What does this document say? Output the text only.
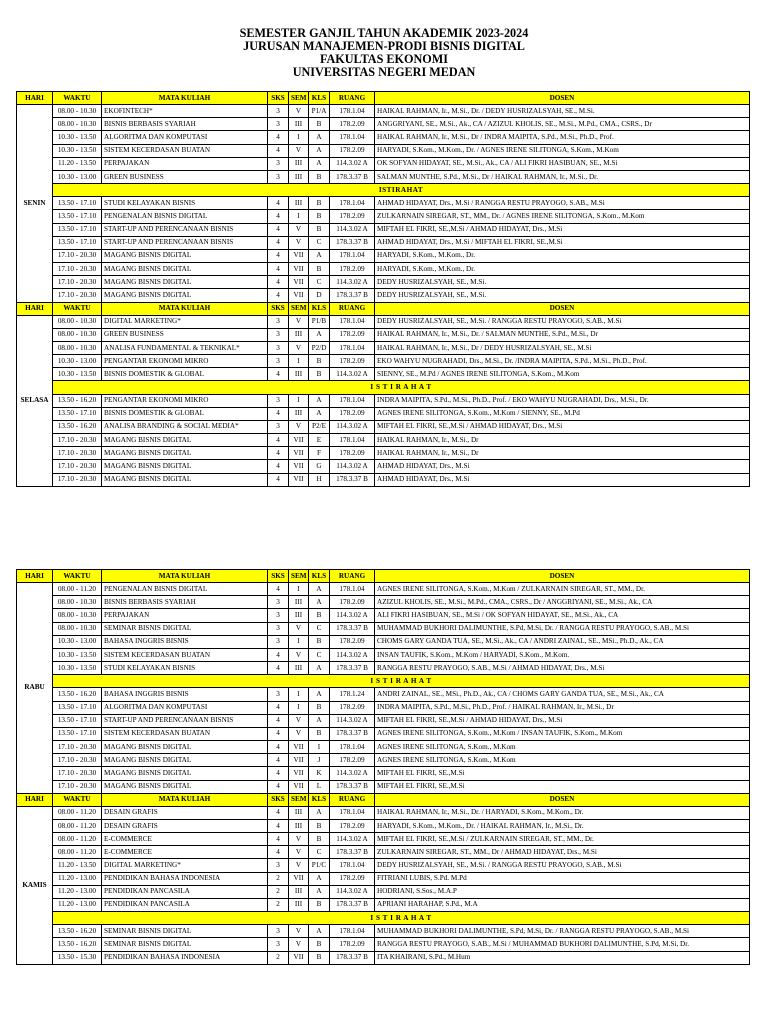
SEMESTER GANJIL TAHUN AKADEMIK 2023-2024
JURUSAN MANAJEMEN-PRODI BISNIS DIGITAL
FAKULTAS EKONOMI
UNIVERSITAS NEGERI MEDAN
HARI	WAKTU	MATA KULIAH	SKS	SEM	KLS	RUANG	DOSEN
SENIN	08.00 - 10.30	EKOFINTECH*	3	V	P1/A	178.1.04	HAIKAL RAHMAN, Ir., M.Si., Dr. / DEDY HUSRIZALSYAH, SE., M.Si.
	08.00 - 10.30	BISNIS BERBASIS SYARIAH	3	III	B	178.2.09	ANGGRIYANI, SE., M.Si., Ak., CA / AZIZUL KHOLIS, SE., M.Si., M.Pd., CMA., CSRS., Dr
	10.30 - 13.50	ALGORITMA DAN KOMPUTASI	4	I	A	178.1.04	HAIKAL RAHMAN, Ir., M.Si., Dr / INDRA MAIPITA, S.Pd., M.Si., Ph.D., Prof.
	10.30 - 13.50	SISTEM KECERDASAN BUATAN	4	V	A	178.2.09	HARYADI, S.Kom., M.Kom., Dr. / AGNES IRENE SILITONGA, S.Kom., M.Kom
	11.20 - 13.50	PERPAJAKAN	3	III	A	114.3.02 A	OK SOFYAN HIDAYAT, SE., M.Si., Ak., CA / ALI FIKRI HASIBUAN, SE., M.Si
	10.30 - 13.00	GREEN BUSINESS	3	III	B	178.3.37 B	SALMAN MUNTHE, S.Pd., M.Si., Dr / HAIKAL RAHMAN, Ir., M.Si., Dr.
	ISTIRAHAT						
	13.50 - 17.10	STUDI KELAYAKAN BISNIS	4	III	B	178.1.04	AHMAD HIDAYAT, Drs., M.Si / RANGGA RESTU PRAYOGO, S.AB., M.Si
	13.50 - 17.10	PENGENALAN BISNIS DIGITAL	4	I	B	178.2.09	ZULKARNAIN SIREGAR, ST., MM., Dr. / AGNES IRENE SILITONGA, S.Kom., M.Kom
	13.50 - 17.10	START-UP AND PERENCANAAN BISNIS	4	V	B	114.3.02 A	MIFTAH EL FIKRI, SE.,M.Si / AHMAD HIDAYAT, Drs., M.Si
	13.50 - 17.10	START-UP AND PERENCANAAN BISNIS	4	V	C	178.3.37 B	AHMAD HIDAYAT, Drs., M.Si / MIFTAH EL FIKRI, SE.,M.Si
	17.10 - 20.30	MAGANG BISNIS DIGITAL	4	VII	A	178.1.04	HARYADI, S.Kom., M.Kom., Dr.
	17.10 - 20.30	MAGANG BISNIS DIGITAL	4	VII	B	178.2.09	HARYADI, S.Kom., M.Kom., Dr.
	17.10 - 20.30	MAGANG BISNIS DIGITAL	4	VII	C	114.3.02 A	DEDY HUSRIZALSYAH, SE., M.Si.
	17.10 - 20.30	MAGANG BISNIS DIGITAL	4	VII	D	178.3.37 B	DEDY HUSRIZALSYAH, SE., M.Si.
HARI	WAKTU	MATA KULIAH	SKS	SEM	KLS	RUANG	DOSEN
SELASA	08.00 - 10.30	DIGITAL MARKETING*	3	V	P1/B	178.1.04	DEDY HUSRIZALSYAH, SE., M.Si. / RANGGA RESTU PRAYOGO, S.AB., M.Si
	08.00 - 10.30	GREEN BUSINESS	3	III	A	178.2.09	HAIKAL RAHMAN, Ir., M.Si., Dr. / SALMAN MUNTHE, S.Pd., M.Si., Dr
	08.00 - 10.30	ANALISA FUNDAMENTAL & TEKNIKAL*	3	V	P2/D	178.1.04	HAIKAL RAHMAN, Ir., M.Si., Dr / DEDY HUSRIZALSYAH, SE., M.Si
	10.30 - 13.00	PENGANTAR EKONOMI MIKRO	3	I	B	178.2.09	EKO WAHYU NUGRAHADI, Drs., M.Si., Dr. /INDRA MAIPITA, S.Pd., M.Si., Ph.D., Prof.
	10.30 - 13.50	BISNIS DOMESTIK & GLOBAL	4	III	B	114.3.02 A	SIENNY, SE., M.Pd / AGNES IRENE SILITONGA, S.Kom., M.Kom
	I S T I R A H A T						
	13.50 - 16.20	PENGANTAR EKONOMI MIKRO	3	I	A	178.1.04	INDRA MAIPITA, S.Pd., M.Si., Ph.D., Prof. / EKO WAHYU NUGRAHADI, Drs., M.Si., Dr.
	13.50 - 17.10	BISNIS DOMESTIK & GLOBAL	4	III	A	178.2.09	AGNES IRENE SILITONGA, S.Kom., M.Kom / SIENNY, SE., M.Pd
	13.50 - 16.20	ANALISA BRANDING & SOCIAL MEDIA*	3	V	P2/E	114.3.02 A	MIFTAH EL FIKRI, SE.,M.Si / AHMAD HIDAYAT, Drs., M.Si
	17.10 - 20.30	MAGANG BISNIS DIGITAL	4	VII	E	178.1.04	HAIKAL RAHMAN, Ir., M.Si., Dr
	17.10 - 20.30	MAGANG BISNIS DIGITAL	4	VII	F	178.2.09	HAIKAL RAHMAN, Ir., M.Si., Dr
	17.10 - 20.30	MAGANG BISNIS DIGITAL	4	VII	G	114.3.02 A	AHMAD HIDAYAT, Drs., M.Si
	17.10 - 20.30	MAGANG BISNIS DIGITAL	4	VII	H	178.3.37 B	AHMAD HIDAYAT, Drs., M.Si
HARI	WAKTU	MATA KULIAH	SKS	SEM	KLS	RUANG	DOSEN
RABU	08.00 - 11.20	PENGENALAN BISNIS DIGITAL	4	I	A	178.1.04	AGNES IRENE SILITONGA, S.Kom., M.Kom / ZULKARNAIN SIREGAR, ST., MM., Dr.
	08.00 - 10.30	BISNIS BERBASIS SYARIAH	3	III	A	178.2.09	AZIZUL KHOLIS, SE., M.Si., M.Pd., CMA., CSRS., Dr / ANGGRIYANI, SE., M.Si., Ak., CA
	08.00 - 10.30	PERPAJAKAN	3	III	B	114.3.02 A	ALI FIKRI HASIBUAN, SE., M.Si / OK SOFYAN HIDAYAT, SE., M.Si., Ak., CA
	08.00 - 10.30	SEMINAR BISNIS DIGITAL	3	V	C	178.3.37 B	MUHAMMAD BUKHORI DALIMUNTHE, S.Pd, M.Si, Dr. / RANGGA RESTU PRAYOGO, S.AB., M.Si
	10.30 - 13.00	BAHASA INGGRIS BISNIS	3	I	B	178.2.09	CHOMS GARY GANDA TUA, SE., M.Si., Ak., CA / ANDRI ZAINAL, SE., MSi., Ph.D., Ak., CA
	10.30 - 13.50	SISTEM KECERDASAN BUATAN	4	V	C	114.3.02 A	INSAN TAUFIK, S.Kom., M.Kom / HARYADI, S.Kom., M.Kom.
	10.30 - 13.50	STUDI KELAYAKAN BISNIS	4	III	A	178.3.37 B	RANGGA RESTU PRAYOGO, S.AB., M.Si / AHMAD HIDAYAT, Drs., M.Si
	I S T I R A H A T						
	13.50 - 16.20	BAHASA INGGRIS BISNIS	3	I	A	178.1.24	ANDRI ZAINAL, SE., MSi., Ph.D., Ak., CA / CHOMS GARY GANDA TUA, SE., M.Si., Ak., CA
	13.50 - 17.10	ALGORITMA DAN KOMPUTASI	4	I	B	178.2.09	INDRA MAIPITA, S.Pd., M.Si., Ph.D., Prof. / HAIKAL RAHMAN, Ir., M.Si., Dr
	13.50 - 17.10	START-UP AND PERENCANAAN BISNIS	4	V	A	114.3.02 A	MIFTAH EL FIKRI, SE.,M.Si / AHMAD HIDAYAT, Drs., M.Si
	13.50 - 17.10	SISTEM KECERDASAN BUATAN	4	V	B	178.3.37 B	AGNES IRENE SILITONGA, S.Kom., M.Kom / INSAN TAUFIK, S.Kom., M.Kom
	17.10 - 20.30	MAGANG BISNIS DIGITAL	4	VII	I	178.1.04	AGNES IRENE SILITONGA, S.Kom., M.Kom
	17.10 - 20.30	MAGANG BISNIS DIGITAL	4	VII	J	178.2.09	AGNES IRENE SILITONGA, S.Kom., M.Kom
	17.10 - 20.30	MAGANG BISNIS DIGITAL	4	VII	K	114.3.02 A	MIFTAH EL FIKRI, SE.,M.Si
	17.10 - 20.30	MAGANG BISNIS DIGITAL	4	VII	L	178.3.37 B	MIFTAH EL FIKRI, SE.,M.Si
HARI	WAKTU	MATA KULIAH	SKS	SEM	KLS	RUANG	DOSEN
KAMIS	08.00 - 11.20	DESAIN GRAFIS	4	III	A	178.1.04	HAIKAL RAHMAN, Ir., M.Si., Dr. / HARYADI, S.Kom., M.Kom., Dr.
	08.00 - 11.20	DESAIN GRAFIS	4	III	B	178.2.09	HARYADI, S.Kom., M.Kom., Dr. / HAIKAL RAHMAN, Ir., M.Si., Dr.
	08.00 - 11.20	E-COMMERCE	4	V	B	114.3.02 A	MIFTAH EL FIKRI, SE.,M.Si / ZULKARNAIN SIREGAR, ST., MM., Dr.
	08.00 - 11.20	E-COMMERCE	4	V	C	178.3.37 B	ZULKARNAIN SIREGAR, ST., MM., Dr / AHMAD HIDAYAT, Drs., M.Si
	11.20 - 13.50	DIGITAL MARKETING*	3	V	P1/C	178.1.04	DEDY HUSRIZALSYAH, SE., M.Si. / RANGGA RESTU PRAYOGO, S.AB., M.Si
	11.20 - 13.00	PENDIDIKAN BAHASA INDONESIA	2	VII	A	178.2.09	FITRIANI LUBIS, S.Pd. M.Pd
	11.20 - 13.00	PENDIDIKAN PANCASILA	2	III	A	114.3.02 A	HODRIANI, S.Sos., M.A.P
	11.20 - 13.00	PENDIDIKAN PANCASILA	2	III	B	178.3.37 B	APRIANI HARAHAP, S.Pd., M.A
	I S T I R A H A T						
	13.50 - 16.20	SEMINAR BISNIS DIGITAL	3	V	A	178.1.04	MUHAMMAD BUKHORI DALIMUNTHE, S.Pd, M.Si, Dr. / RANGGA RESTU PRAYOGO, S.AB., M.Si
	13.50 - 16.20	SEMINAR BISNIS DIGITAL	3	V	B	178.2.09	RANGGA RESTU PRAYOGO, S.AB., M.Si / MUHAMMAD BUKHORI DALIMUNTHE, S.Pd, M.Si, Dr.
	13.50 - 15.30	PENDIDIKAN BAHASA INDONESIA	2	VII	B	178.3.37 B	ITA KHAIRANI, S.Pd., M.Hum
